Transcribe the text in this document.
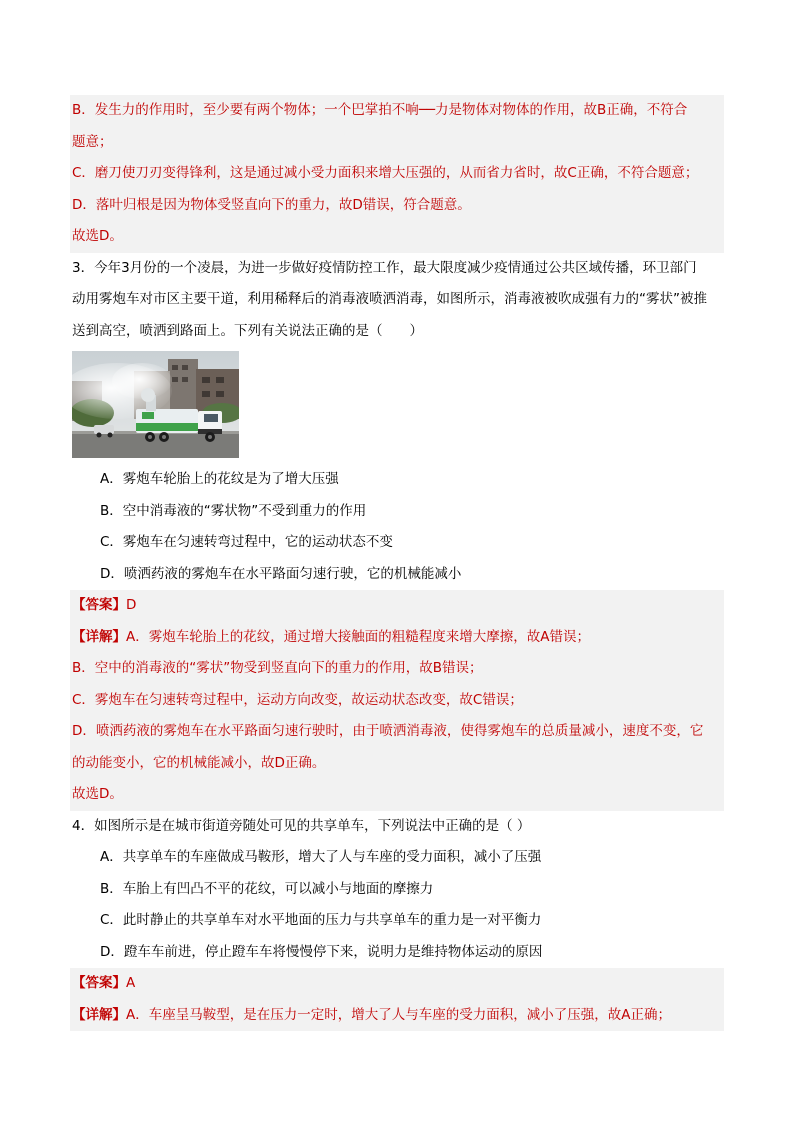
B．发生力的作用时，至少要有两个物体；一个巴掌拍不响──力是物体对物体的作用，故B正确，不符合
题意；
C．磨刀使刀刃变得锋利，这是通过减小受力面积来增大压强的，从而省力省时，故C正确，不符合题意；
D．落叶归根是因为物体受竖直向下的重力，故D错误，符合题意。
故选D。
3．今年3月份的一个凌晨，为进一步做好疫情防控工作，最大限度减少疫情通过公共区域传播，环卫部门
动用雾炮车对市区主要干道，利用稀释后的消毒液喷洒消毒，如图所示，消毒液被吹成强有力的“雾状”被推
送到高空，喷洒到路面上。下列有关说法正确的是（　　）
A．雾炮车轮胎上的花纹是为了增大压强
B．空中消毒液的“雾状物”不受到重力的作用
C．雾炮车在匀速转弯过程中，它的运动状态不变
D．喷洒药液的雾炮车在水平路面匀速行驶，它的机械能减小
【答案】D
【详解】A．雾炮车轮胎上的花纹，通过增大接触面的粗糙程度来增大摩擦，故A错误；
B．空中的消毒液的“雾状”物受到竖直向下的重力的作用，故B错误；
C．雾炮车在匀速转弯过程中，运动方向改变，故运动状态改变，故C错误；
D．喷洒药液的雾炮车在水平路面匀速行驶时，由于喷洒消毒液，使得雾炮车的总质量减小，速度不变，它
的动能变小，它的机械能减小，故D正确。
故选D。
4．如图所示是在城市街道旁随处可见的共享单车，下列说法中正确的是（ ）
A．共享单车的车座做成马鞍形，增大了人与车座的受力面积，减小了压强
B．车胎上有凹凸不平的花纹，可以减小与地面的摩擦力
C．此时静止的共享单车对水平地面的压力与共享单车的重力是一对平衡力
D．蹬车车前进，停止蹬车车将慢慢停下来，说明力是维持物体运动的原因
【答案】A
【详解】A．车座呈马鞍型，是在压力一定时，增大了人与车座的受力面积，减小了压强，故A正确；
